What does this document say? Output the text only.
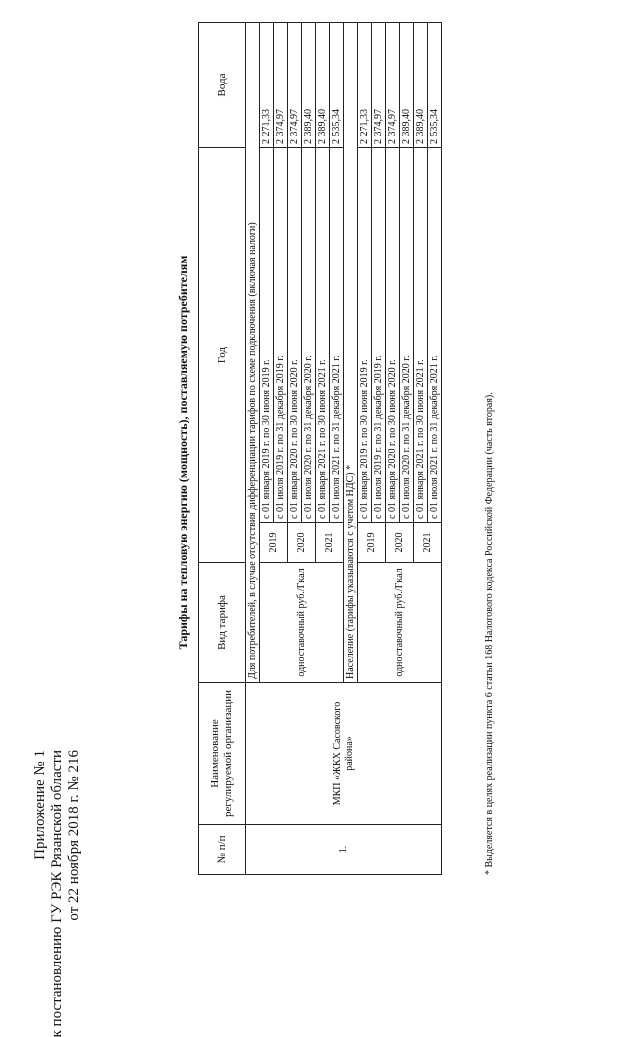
Приложение № 1 к постановлению ГУ РЭК Рязанской области от 22 ноября 2018 г. № 216
Тарифы на тепловую энергию (мощность), поставляемую потребителям
№ п/п	Наименование регулируемой организации	Вид тарифа	Год		Вода
1.	МКП «ЖКХ Сасовского района»	Для потребителей, в случае отсутствия дифференциации тарифов по схеме подключения (включая налоги)			
		одноставочный руб./Гкал	2019	с 01 января 2019 г. по 30 июня 2019 г.	2 271,33
				с 01 июля 2019 г. по 31 декабря 2019 г.	2 374,97
			2020	с 01 января 2020 г. по 30 июня 2020 г.	2 374,97
				с 01 июля 2020 г. по 31 декабря 2020 г.	2 389,40
			2021	с 01 января 2021 г. по 30 июня 2021 г.	2 389,40
				с 01 июля 2021 г. по 31 декабря 2021 г.	2 535,34
		Население (тарифы указываются с учетом НДС) *			
		одноставочный руб./Гкал	2019	с 01 января 2019 г. по 30 июня 2019 г.	2 271,33
				с 01 июля 2019 г. по 31 декабря 2019 г.	2 374,97
			2020	с 01 января 2020 г. по 30 июня 2020 г.	2 374,97
				с 01 июля 2020 г. по 31 декабря 2020 г.	2 389,40
			2021	с 01 января 2021 г. по 30 июня 2021 г.	2 389,40
				с 01 июля 2021 г. по 31 декабря 2021 г.	2 535,34
* Выделяется в целях реализации пункта 6 статьи 168 Налогового кодекса Российской Федерации (часть вторая).
